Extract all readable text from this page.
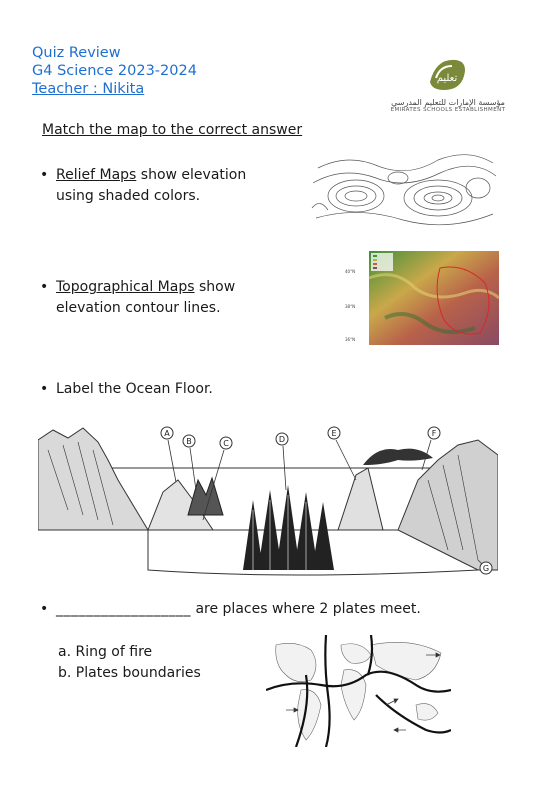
Quiz Review
G4 Science 2023-2024
Teacher : Nikita
تعليم
مؤسسة الإمارات للتعليم المدرسي
EMIRATES SCHOOLS ESTABLISHMENT
Match the map to the correct answer
• Relief Maps show elevation
using shaded colors.
• Topographical Maps show
elevation contour lines.
40°N
38°N
36°N
• Label the Ocean Floor.
A
B	C	D
E	F
G
• __________________ are places where 2 plates meet.
a. Ring of fire
b. Plates boundaries
